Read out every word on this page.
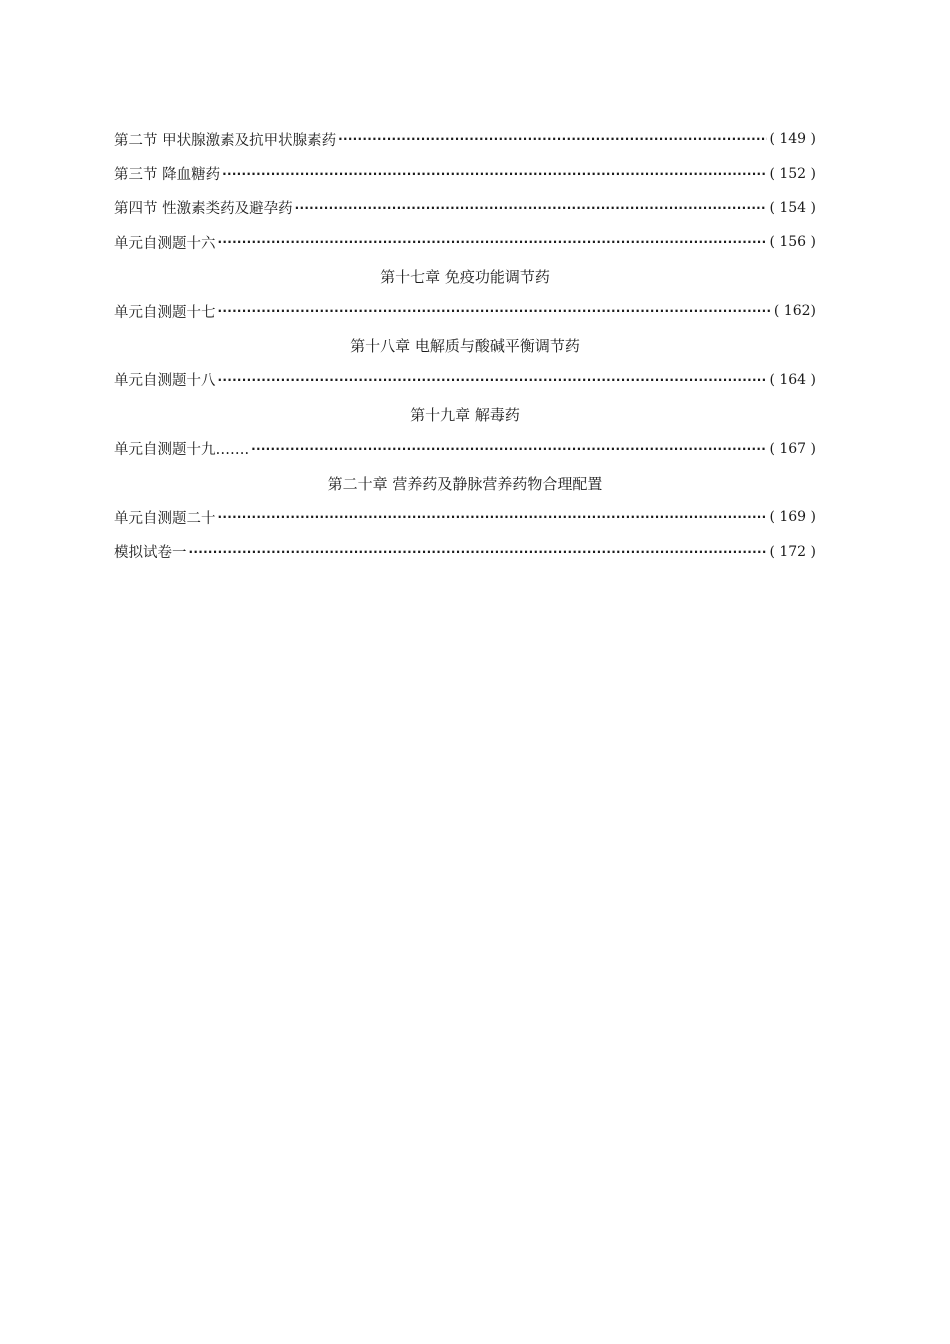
第二节 甲状腺激素及抗甲状腺素药 ·····	( 149 )
第三节 降血糖药 ·····	( 152 )
第四节 性激素类药及避孕药 ·····	( 154 )
单元自测题十六 ·····	( 156 )
第十七章 免疫功能调节药
单元自测题十七 ·····	( 162)
第十八章 电解质与酸碱平衡调节药
单元自测题十八 ·····	( 164 )
第十九章 解毒药
单元自测题十九……. ·····	( 167 )
第二十章 营养药及静脉营养药物合理配置
单元自测题二十 ·····	( 169 )
模拟试卷一 ·····	( 172 )
